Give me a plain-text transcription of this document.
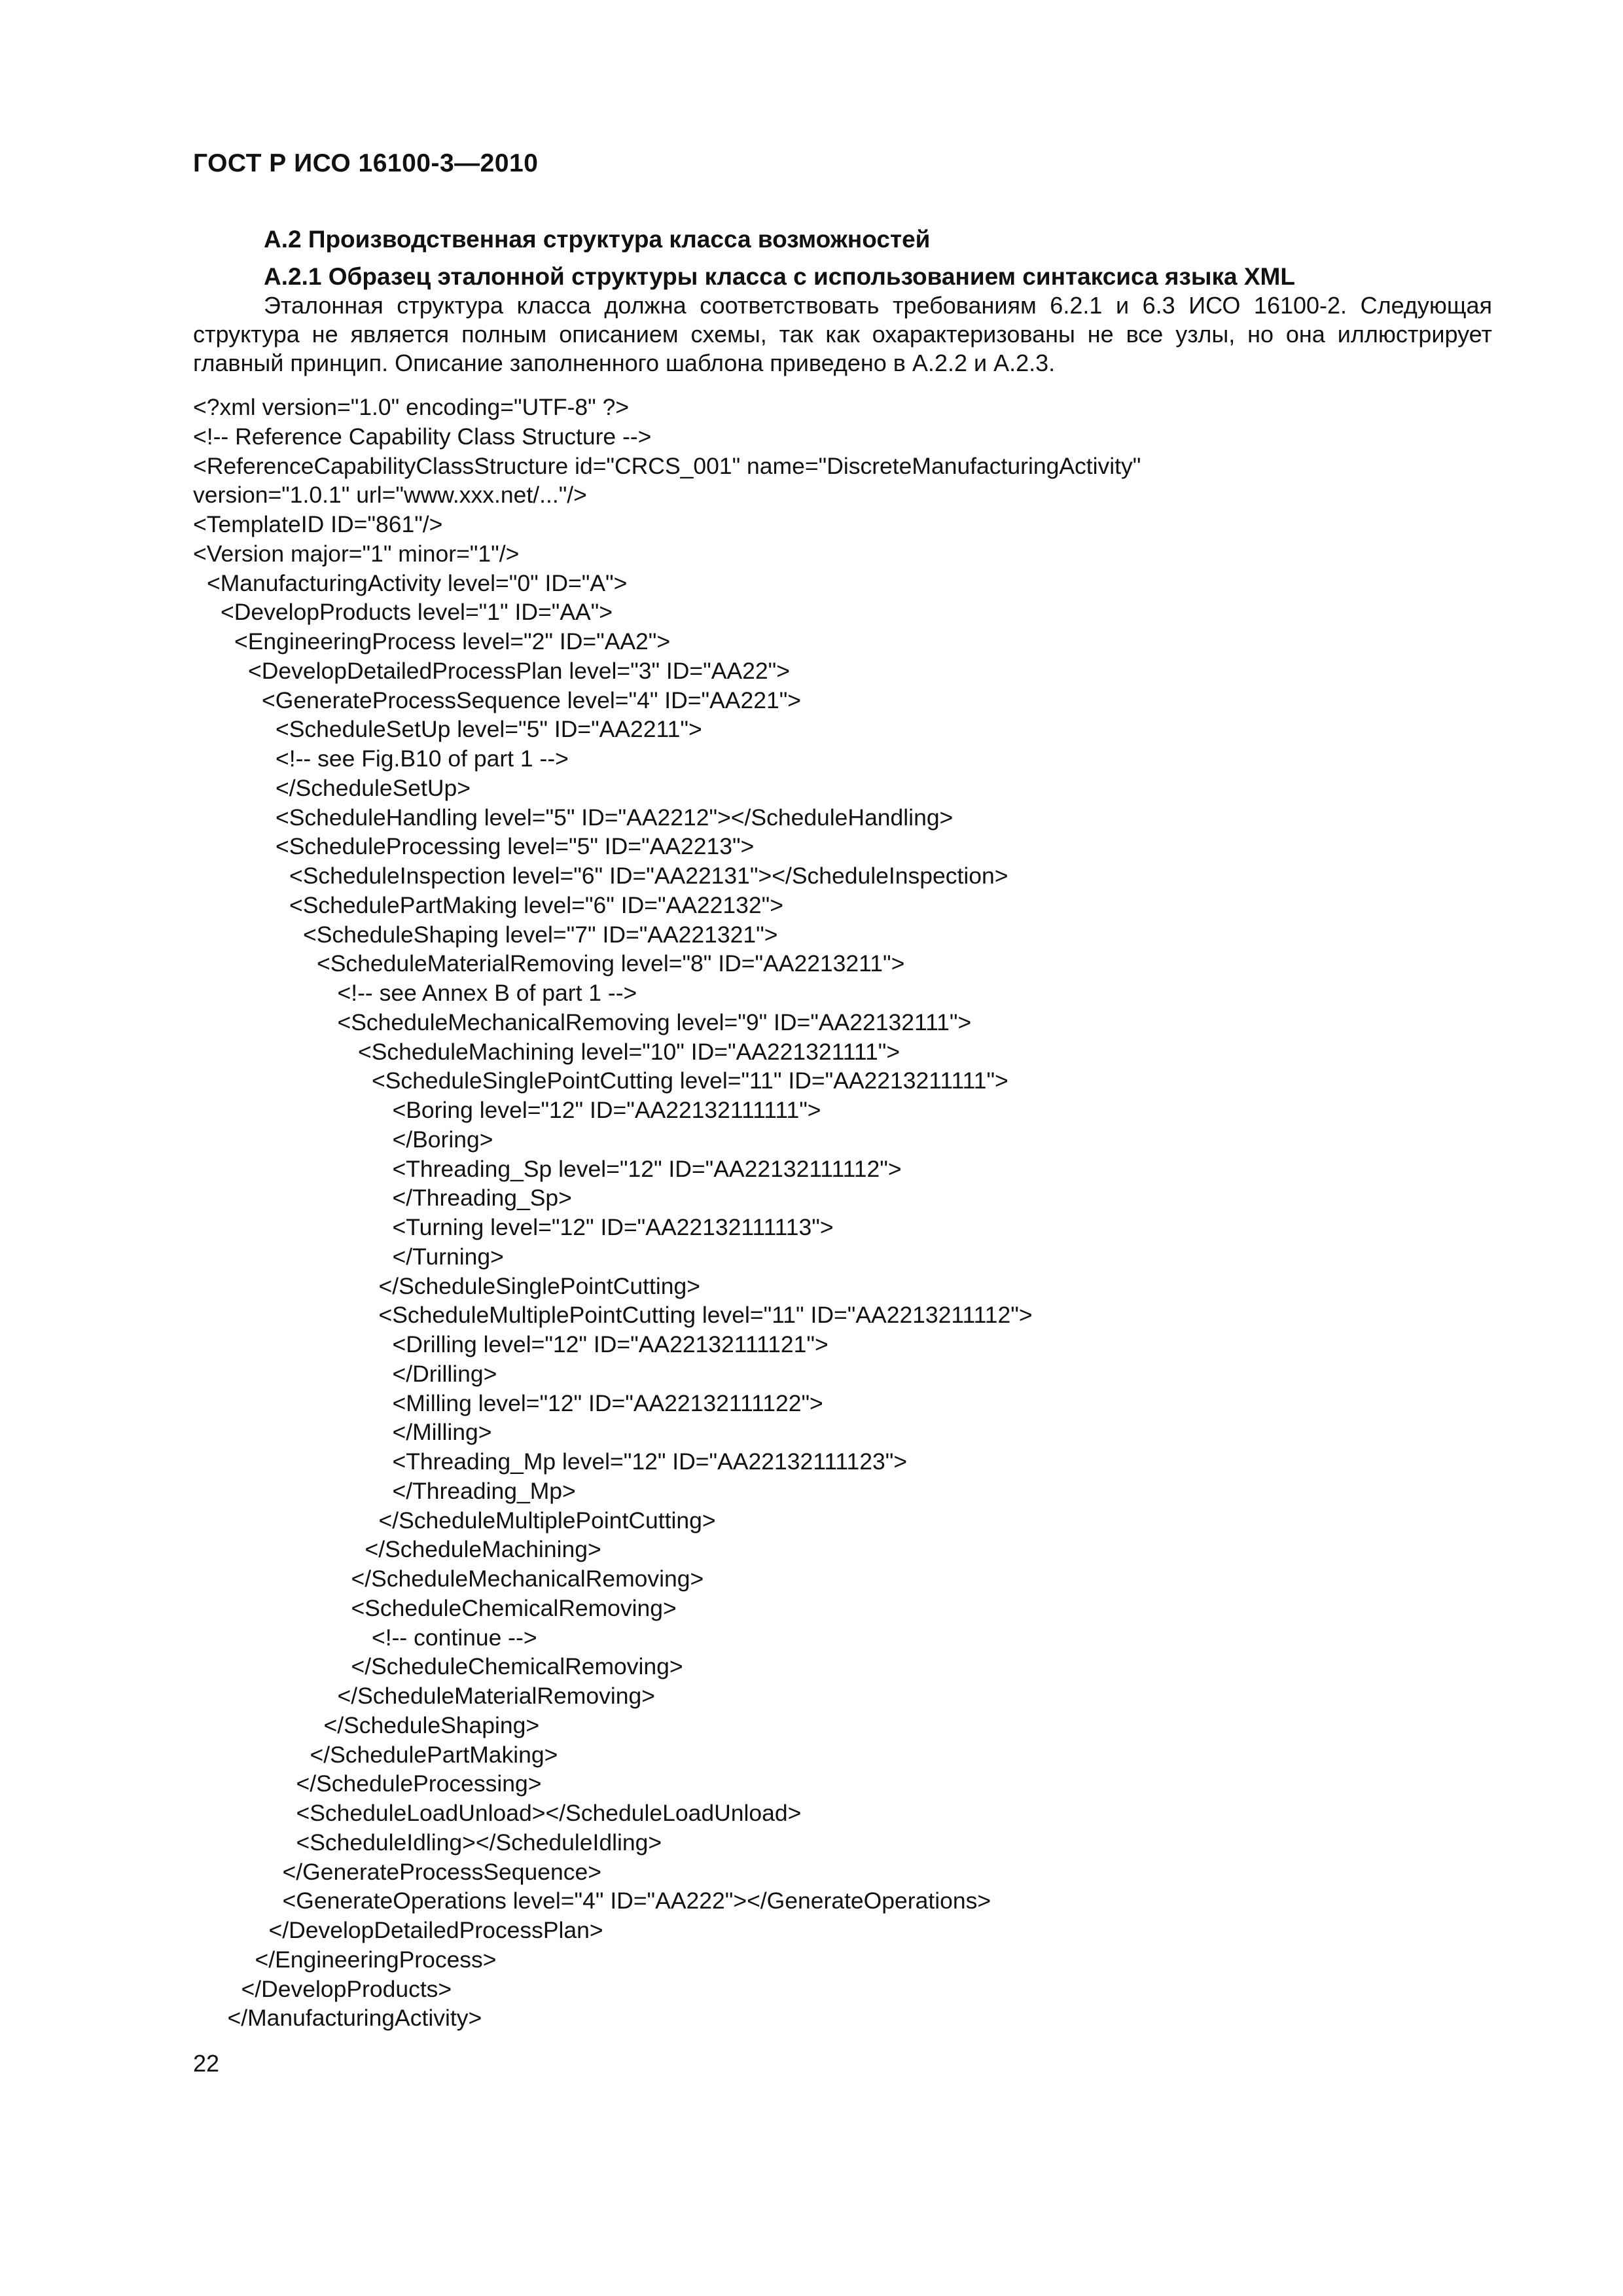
ГОСТ Р ИСО 16100-3—2010
А.2 Производственная структура класса возможностей
А.2.1 Образец эталонной структуры класса с использованием синтаксиса языка XML

Эталонная структура класса должна соответствовать требованиям 6.2.1 и 6.3 ИСО 16100-2. Следующая структура не является полным описанием схемы, так как охарактеризованы не все узлы, но она иллюстрирует главный принцип. Описание заполненного шаблона приведено в А.2.2 и А.2.3.

<?xml version="1.0" encoding="UTF-8" ?>
<!-- Reference Capability Class Structure -->
<ReferenceCapabilityClassStructure id="CRCS_001" name="DiscreteManufacturingActivity"
version="1.0.1" url="www.xxx.net/..."/>
<TemplateID ID="861"/>
<Version major="1" minor="1"/>
<ManufacturingActivity level="0" ID="A">
<DevelopProducts level="1" ID="AA">
<EngineeringProcess level="2" ID="AA2">
<DevelopDetailedProcessPlan level="3" ID="AA22">
<GenerateProcessSequence level="4" ID="AA221">
<ScheduleSetUp level="5" ID="AA2211">
<!-- see Fig.B10 of part 1 -->
</ScheduleSetUp>
<ScheduleHandling level="5" ID="AA2212"></ScheduleHandling>
<ScheduleProcessing level="5" ID="AA2213">
<ScheduleInspection level="6" ID="AA22131"></ScheduleInspection>
<SchedulePartMaking level="6" ID="AA22132">
<ScheduleShaping level="7" ID="AA221321">
<ScheduleMaterialRemoving level="8" ID="AA2213211">
<!-- see Annex B of part 1 -->
<ScheduleMechanicalRemoving level="9" ID="AA22132111">
<ScheduleMachining level="10" ID="AA221321111">
<ScheduleSinglePointCutting level="11" ID="AA2213211111">
<Boring level="12" ID="AA22132111111">
</Boring>
<Threading_Sp level="12" ID="AA22132111112">
</Threading_Sp>
<Turning level="12" ID="AA22132111113">
</Turning>
</ScheduleSinglePointCutting>
<ScheduleMultiplePointCutting level="11" ID="AA2213211112">
<Drilling level="12" ID="AA22132111121">
</Drilling>
<Milling level="12" ID="AA22132111122">
</Milling>
<Threading_Mp level="12" ID="AA22132111123">
</Threading_Mp>
</ScheduleMultiplePointCutting>
</ScheduleMachining>
</ScheduleMechanicalRemoving>
<ScheduleChemicalRemoving>
<!-- continue -->
</ScheduleChemicalRemoving>
</ScheduleMaterialRemoving>
</ScheduleShaping>
</SchedulePartMaking>
</ScheduleProcessing>
<ScheduleLoadUnload></ScheduleLoadUnload>
<ScheduleIdling></ScheduleIdling>
</GenerateProcessSequence>
<GenerateOperations level="4" ID="AA222"></GenerateOperations>
</DevelopDetailedProcessPlan>
</EngineeringProcess>
</DevelopProducts>
</ManufacturingActivity>
22
